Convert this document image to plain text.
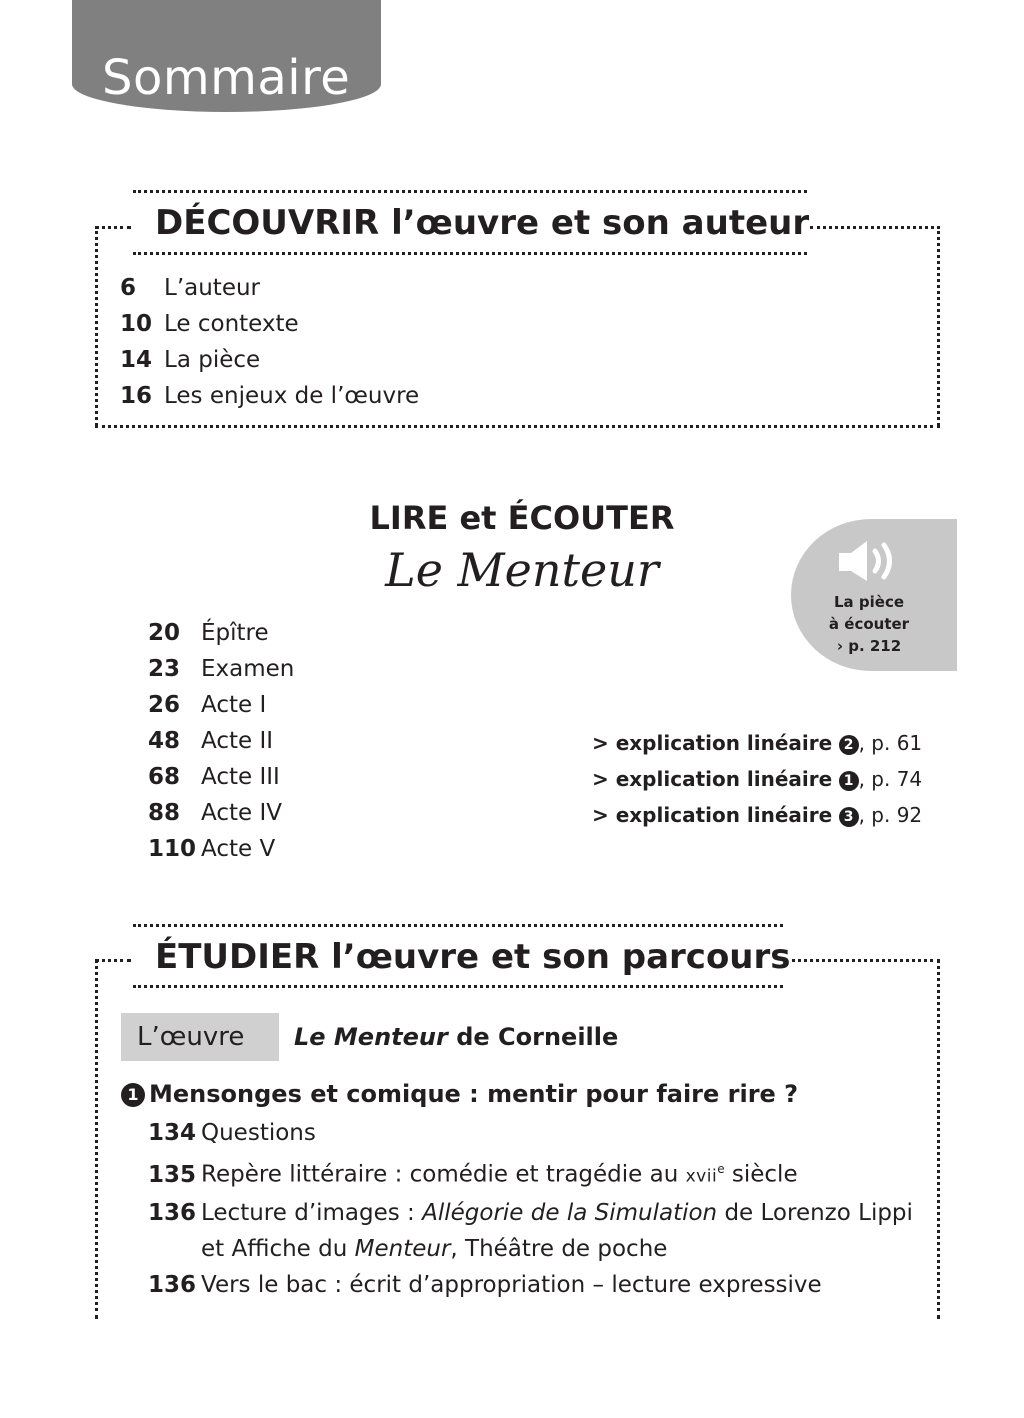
Sommaire
DÉCOUVRIR l’œuvre et son auteur
6 L’auteur
10 Le contexte
14 La pièce
16 Les enjeux de l’œuvre
LIRE et ÉCOUTER
Le Menteur
La pièce
à écouter
› p. 212
20 Épître
23 Examen
26 Acte I
48 Acte II
68 Acte III
88 Acte IV
110 Acte V
> explication linéaire 2 , p. 61
> explication linéaire 1 , p. 74
> explication linéaire 3 , p. 92
ÉTUDIER l’œuvre et son parcours
L’œuvre	Le Menteur de Corneille
1 Mensonges et comique : mentir pour faire rire ?
134 Questions
135 Repère littéraire : comédie et tragédie au xvii$^e$ siècle
136 Lecture d’images : Allégorie de la Simulation de Lorenzo Lippi
et Affiche du Menteur, Théâtre de poche
136 Vers le bac : écrit d’appropriation – lecture expressive
